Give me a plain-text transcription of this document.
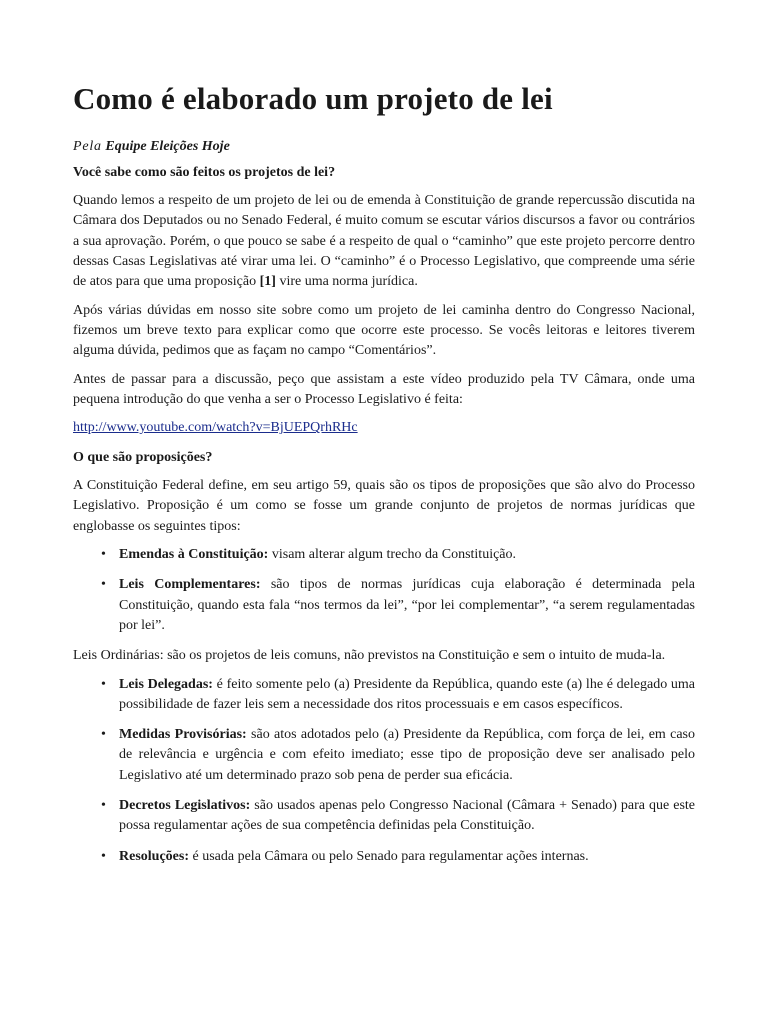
Como é elaborado um projeto de lei
Pela Equipe Eleições Hoje
Você sabe como são feitos os projetos de lei?

Quando lemos a respeito de um projeto de lei ou de emenda à Constituição de grande repercussão discutida na Câmara dos Deputados ou no Senado Federal, é muito comum se escutar vários discursos a favor ou contrários a sua aprovação. Porém, o que pouco se sabe é a respeito de qual o “caminho” que este projeto percorre dentro dessas Casas Legislativas até virar uma lei. O “caminho” é o Processo Legislativo, que compreende uma série de atos para que uma proposição [1] vire uma norma jurídica.

Após várias dúvidas em nosso site sobre como um projeto de lei caminha dentro do Congresso Nacional, fizemos um breve texto para explicar como que ocorre este processo. Se vocês leitoras e leitores tiverem alguma dúvida, pedimos que as façam no campo “Comentários”.

Antes de passar para a discussão, peço que assistam a este vídeo produzido pela TV Câmara, onde uma pequena introdução do que venha a ser o Processo Legislativo é feita:

http://www.youtube.com/watch?v=BjUEPQrhRHc
O que são proposições?

A Constituição Federal define, em seu artigo 59, quais são os tipos de proposições que são alvo do Processo Legislativo. Proposição é um como se fosse um grande conjunto de projetos de normas jurídicas que englobasse os seguintes tipos:

• Emendas à Constituição: visam alterar algum trecho da Constituição.
• Leis Complementares: são tipos de normas jurídicas cuja elaboração é determinada pela Constituição, quando esta fala “nos termos da lei”, “por lei complementar”, “a serem regulamentadas por lei”.

Leis Ordinárias: são os projetos de leis comuns, não previstos na Constituição e sem o intuito de muda-la.

• Leis Delegadas: é feito somente pelo (a) Presidente da República, quando este (a) lhe é delegado uma possibilidade de fazer leis sem a necessidade dos ritos processuais e em casos específicos.
• Medidas Provisórias: são atos adotados pelo (a) Presidente da República, com força de lei, em caso de relevância e urgência e com efeito imediato; esse tipo de proposição deve ser analisado pelo Legislativo até um determinado prazo sob pena de perder sua eficácia.
• Decretos Legislativos: são usados apenas pelo Congresso Nacional (Câmara + Senado) para que este possa regulamentar ações de sua competência definidas pela Constituição.
• Resoluções: é usada pela Câmara ou pelo Senado para regulamentar ações internas.
